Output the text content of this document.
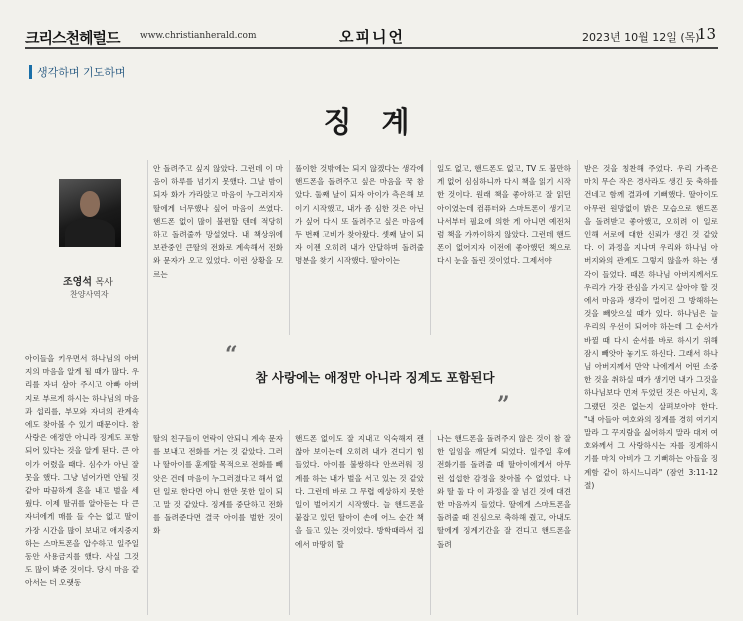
크리스천헤럴드 www.christianherald.com	오피니언	2023년 10월 12일 (목)
13
생각하며 기도하며
징 계
조영석 목사
찬양사역자

아이들을 키우면서 하나님의 아버지의 마음을 알게 될 때가 많다. 우리를 자녀 삼아 주시고 아빠 아버지로 부르게 하시는 하나님의 마음과 섭리를, 부모와 자녀의 관계속에도 찾아볼 수 있기 때문이다. 참 사랑은 애정만 아니라 징계도 포함되어 있다는 것을 알게 된다. 큰 아이가 어렸을 때다. 심수가 아닌 잘못을 했다. 그냥 넘어가면 안될 것 같아 따끔하게 혼을 내고 벌을 세웠다. 이제 딸귀를 알아듣는 다 큰 자녀에게 매를 들 수는 없고 딸이 가장 시간을 많이 보내고 애지중지하는 스마트폰을 압수하고 일주일동안 사용금지를 했다. 사실 그것도 많이 봐준 것이다. 당시 마음 같아서는 더 오랫동

안 돌려주고 싶지 않았다. 그런데 이 마음이 하루를 넘기지 못했다. 그날 밤이 되자 화가 가라앉고 마음이 누그러지자 딸에게 너무했나 싶어 마음이 쓰였다. 핸드폰 없이 많이 불편할 텐데 적당히 하고 돌려줄까 망설였다. 내 책상위에 보관중인 큰딸의 전화로 계속해서 전화와 문자가 오고 있었다. 이런 상황을 모르는

풀이한 것밖에는 되지 않겠다는 생각에 핸드폰을 돌려주고 싶은 마음을 꾹 참았다. 둘째 날이 되자 아이가 측은해 보이기 시작했고, 내가 좀 심한 것은 아닌가 싶어 다시 또 돌려주고 싶은 마음에 두 번째 고비가 찾아왔다. 셋째 날이 되자 이젠 오히려 내가 안달하며 돌려줄 명분을 찾기 시작했다. 딸아이는

일도 없고, 핸드폰도 없고, TV 도 불만하게 없어 심심하니까 다시 책을 읽기 시작한 것이다. 원래 책을 좋아하고 잘 읽던 아이였는데 컴퓨터와 스마트폰이 생기고 나서부터 필요에 의한 게 아니면 예전처럼 책을 가까이하지 않았다. 그런데 핸드폰이 없어지자 이전에 좋아했던 책으로 다시 눈을 돌린 것이었다. 그제서야

받은 것을 칭찬해 주었다. 우리 가족은 마치 무슨 작은 경사라도 생긴 듯 축하를 건네고 함께 결과에 기뻐했다. 딸아이도 아무런 원망없이 밝은 모습으로 핸드폰을 돌려받고 좋아했고, 오히려 이 일로 인해 서로에 대한 신뢰가 생긴 것 같았다. 이 과정을 지나며 우리와 하나님 아버지와의 관계도 그렇지 않을까 하는 생각이 들었다. 때론 하나님 아버지께서도 우리가 가장 관심을 가지고 살아야 할 것에서 마음과 생각이 멀어진 그 방해하는 것을 빼앗으실 때가 있다. 하나님은 늘 우리의 우선이 되어야 하는데 그 순서가 바뀔 때 다시 순서를 바로 하시기 위해 잠시 빼앗아 놓기도 하신다. 그래서 하나님 아버지께서 만약 나에게서 어떤 소중한 것을 취하실 때가 생기면 내가 그것을 하나님보다 먼저 두었던 것은 아닌지, 혹 그랬던 것은 없는지 살펴보아야 한다. "내 아들아 여호와의 징계를 경히 여기지 말라 그 꾸지람을 싫어하지 말라 대저 여호와께서 그 사랑하시는 자를 징계하시기를 마치 아비가 그 기뻐하는 아들을 징계함 같이 하시느니라" (잠언 3:11-12절)

“
참 사랑에는 애정만 아니라 징계도 포함된다
”

딸의 친구들이 연락이 안되니 계속 문자를 보내고 전화를 거는 것 같았다. 그러나 딸아이를 훈계할 목적으로 전화를 빼앗은 건데 마음이 누그러졌다고 해서 없던 일로 한다면 아니 한만 못한 일이 되고 말 것 같았다. 징계를 중단하고 전화를 돌려준다면 결국 아이를 벌한 것이 화

핸드폰 없이도 잘 지내고 익숙해져 괜찮아 보이는데 오히려 내가 견디기 힘들었다. 아이를 불쌍하다 안쓰러워 징계를 하는 내가 벌을 서고 있는 것 같았다. 그런데 바로 그 무렵 예상하지 못한 일이 벌어지기 시작했다. 늘 핸드폰을 붙잡고 있던 딸아이 손에 어느 순간 책을 들고 있는 것이었다. 방학때라서 집에서 마땅히 할

나는 핸드폰을 돌려주지 않은 것이 참 잘한 일임을 깨닫게 되었다. 일주일 후에 전화기를 돌려줄 때 딸아이에게서 아무런 섭섭한 감정을 찾아볼 수 없었다. 나와 딸 둘 다 이 과정을 잘 넘긴 것에 대견한 마음까지 들었다. 딸에게 스마트폰을 돌려줄 때 진심으로 축하해 줬고, 아내도 딸에게 징계기간을 잘 견디고 핸드폰을 돌려
